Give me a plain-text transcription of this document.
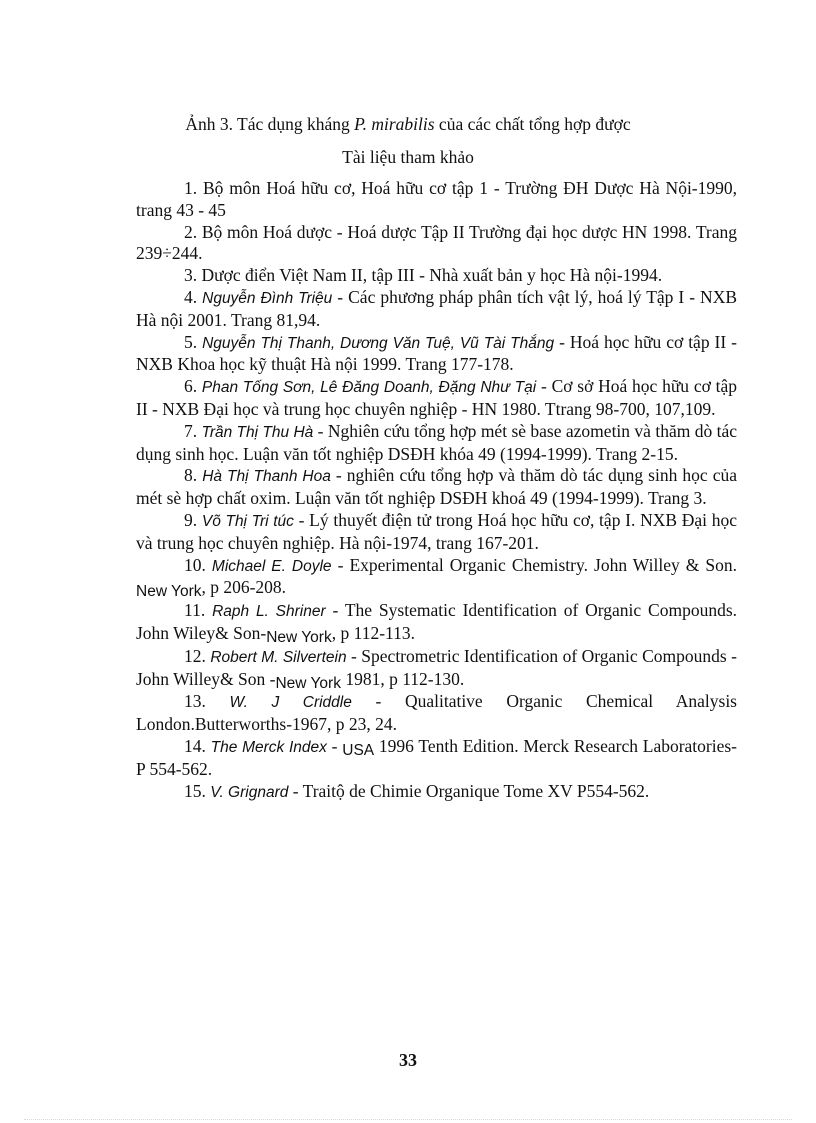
Ảnh 3. Tác dụng kháng P. mirabilis của các chất tổng hợp được
Tài liệu tham khảo

1. Bộ môn Hoá hữu cơ, Hoá hữu cơ tập 1 - Trường ĐH Dược Hà Nội-1990, trang 43 - 45

2. Bộ môn Hoá dược - Hoá dược Tập II Trường đại học dược HN 1998. Trang 239÷244.

3. Dược điển Việt Nam II, tập III - Nhà xuất bản y học Hà nội-1994.

4. Nguyễn Đình Triệu - Các phương pháp phân tích vật lý, hoá lý Tập I - NXB Hà nội 2001. Trang 81,94.

5. Nguyễn Thị Thanh, Dương Văn Tuệ, Vũ Tài Thắng - Hoá học hữu cơ tập II - NXB Khoa học kỹ thuật Hà nội 1999. Trang 177-178.

6. Phan Tống Sơn, Lê Đăng Doanh, Đặng Như Tại - Cơ sở Hoá học hữu cơ tập II - NXB Đại học và trung học chuyên nghiệp - HN 1980. Ttrang 98-700, 107,109.

7. Trần Thị Thu Hà - Nghiên cứu tổng hợp mét sè base azometin và thăm dò tác dụng sinh học. Luận văn tốt nghiệp DSĐH khóa 49 (1994-1999). Trang 2-15.

8. Hà Thị Thanh Hoa - nghiên cứu tổng hợp và thăm dò tác dụng sinh học của mét sè hợp chất oxim. Luận văn tốt nghiệp DSĐH khoá 49 (1994-1999). Trang 3.

9. Võ Thị Tri túc - Lý thuyết điện tử trong Hoá học hữu cơ, tập I. NXB Đại học và trung học chuyên nghiệp. Hà nội-1974, trang 167-201.

10. Michael E. Doyle - Experimental Organic Chemistry. John Willey & Son. New York, p 206-208.

11. Raph L. Shriner - The Systematic Identification of Organic Compounds. John Wiley& Son-New York, p 112-113.

12. Robert M. Silvertein - Spectrometric Identification of Organic Compounds - John Willey& Son -New York 1981, p 112-130.

13. W. J Criddle - Qualitative Organic Chemical Analysis London.Butterworths-1967, p 23, 24.

14. The Merck Index - USA 1996 Tenth Edition. Merck Research Laboratories- P 554-562.

15. V. Grignard - Traitộ de Chimie Organique Tome XV P554-562.

33
